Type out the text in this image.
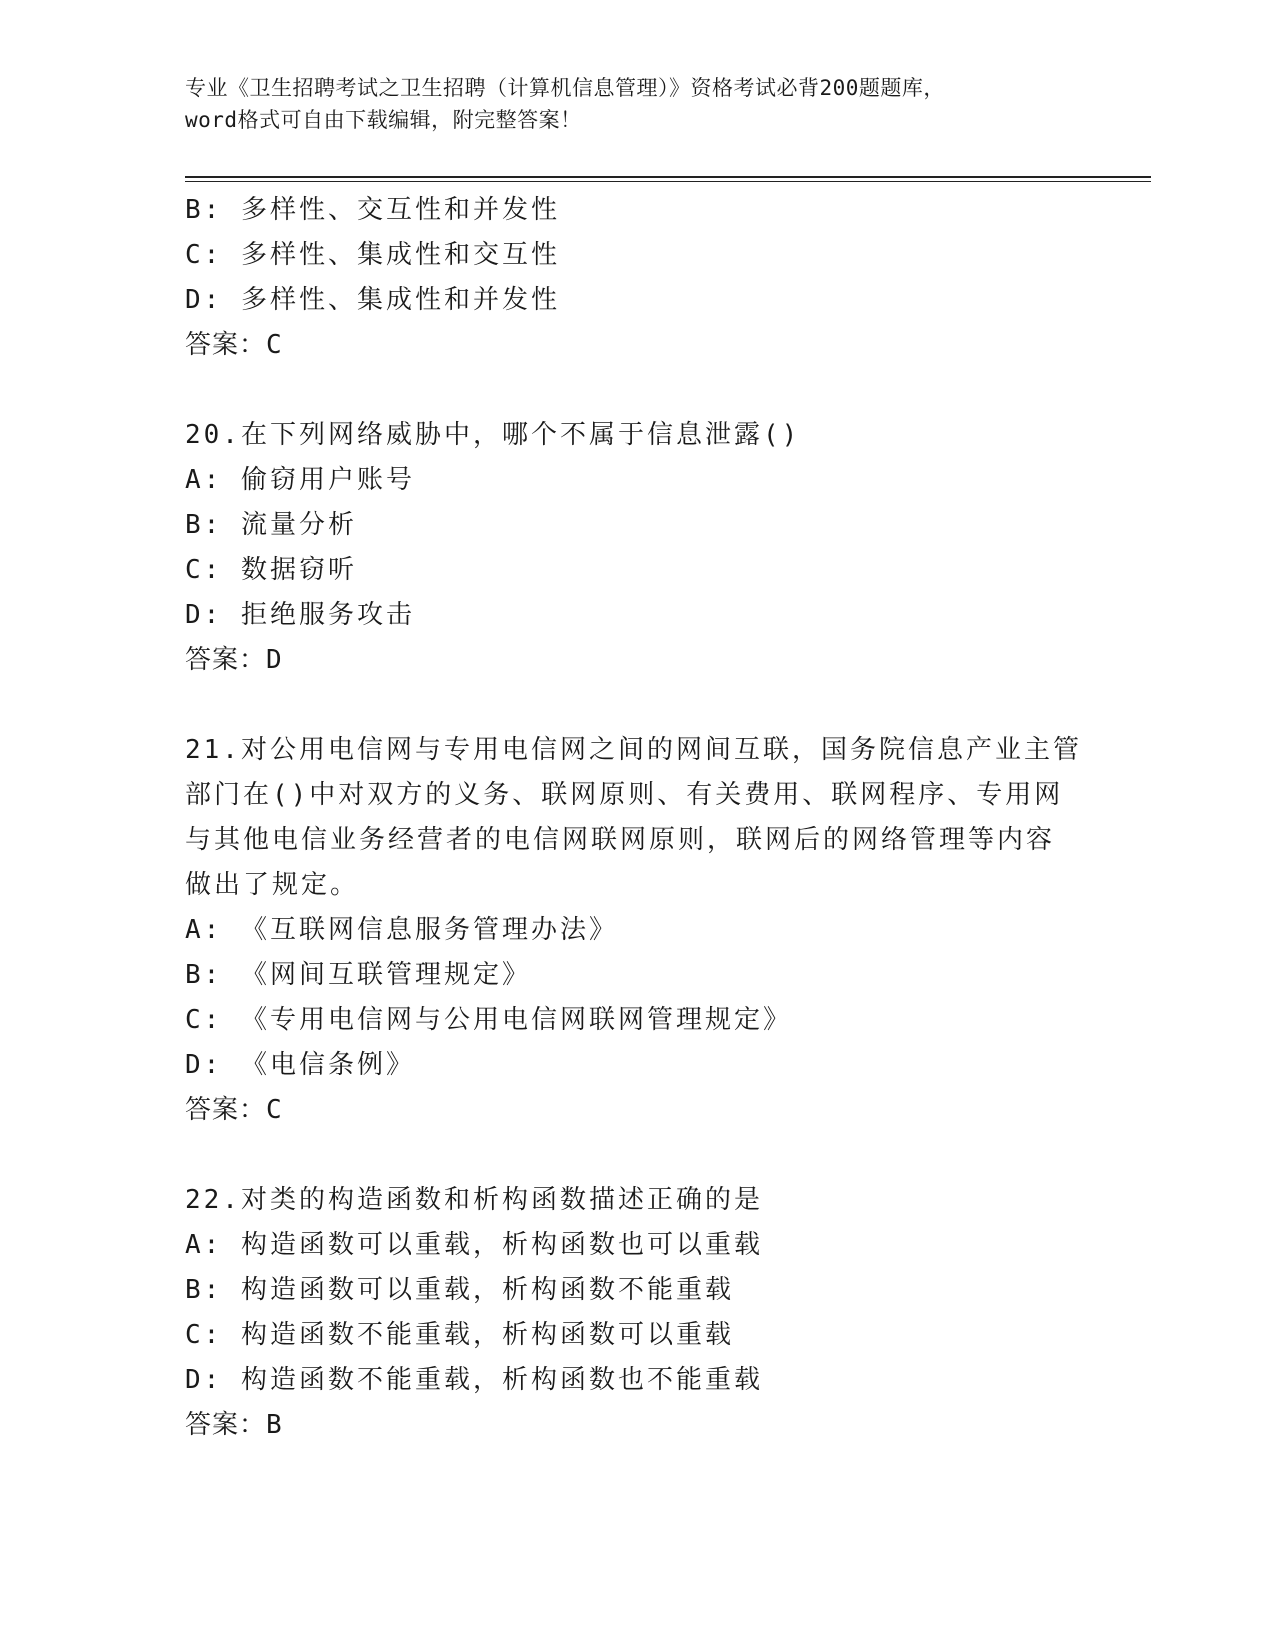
专业《卫生招聘考试之卫生招聘（计算机信息管理）》资格考试必背200题题库，
word格式可自由下载编辑，附完整答案！
B: 多样性、交互性和并发性
C: 多样性、集成性和交互性
D: 多样性、集成性和并发性
答案：C
20.在下列网络威胁中，哪个不属于信息泄露()
A: 偷窃用户账号
B: 流量分析
C: 数据窃听
D: 拒绝服务攻击
答案：D
21.对公用电信网与专用电信网之间的网间互联，国务院信息产业主管
部门在()中对双方的义务、联网原则、有关费用、联网程序、专用网
与其他电信业务经营者的电信网联网原则，联网后的网络管理等内容
做出了规定。
A: 《互联网信息服务管理办法》
B: 《网间互联管理规定》
C: 《专用电信网与公用电信网联网管理规定》
D: 《电信条例》
答案：C
22.对类的构造函数和析构函数描述正确的是
A: 构造函数可以重载，析构函数也可以重载
B: 构造函数可以重载，析构函数不能重载
C: 构造函数不能重载，析构函数可以重载
D: 构造函数不能重载，析构函数也不能重载
答案：B
